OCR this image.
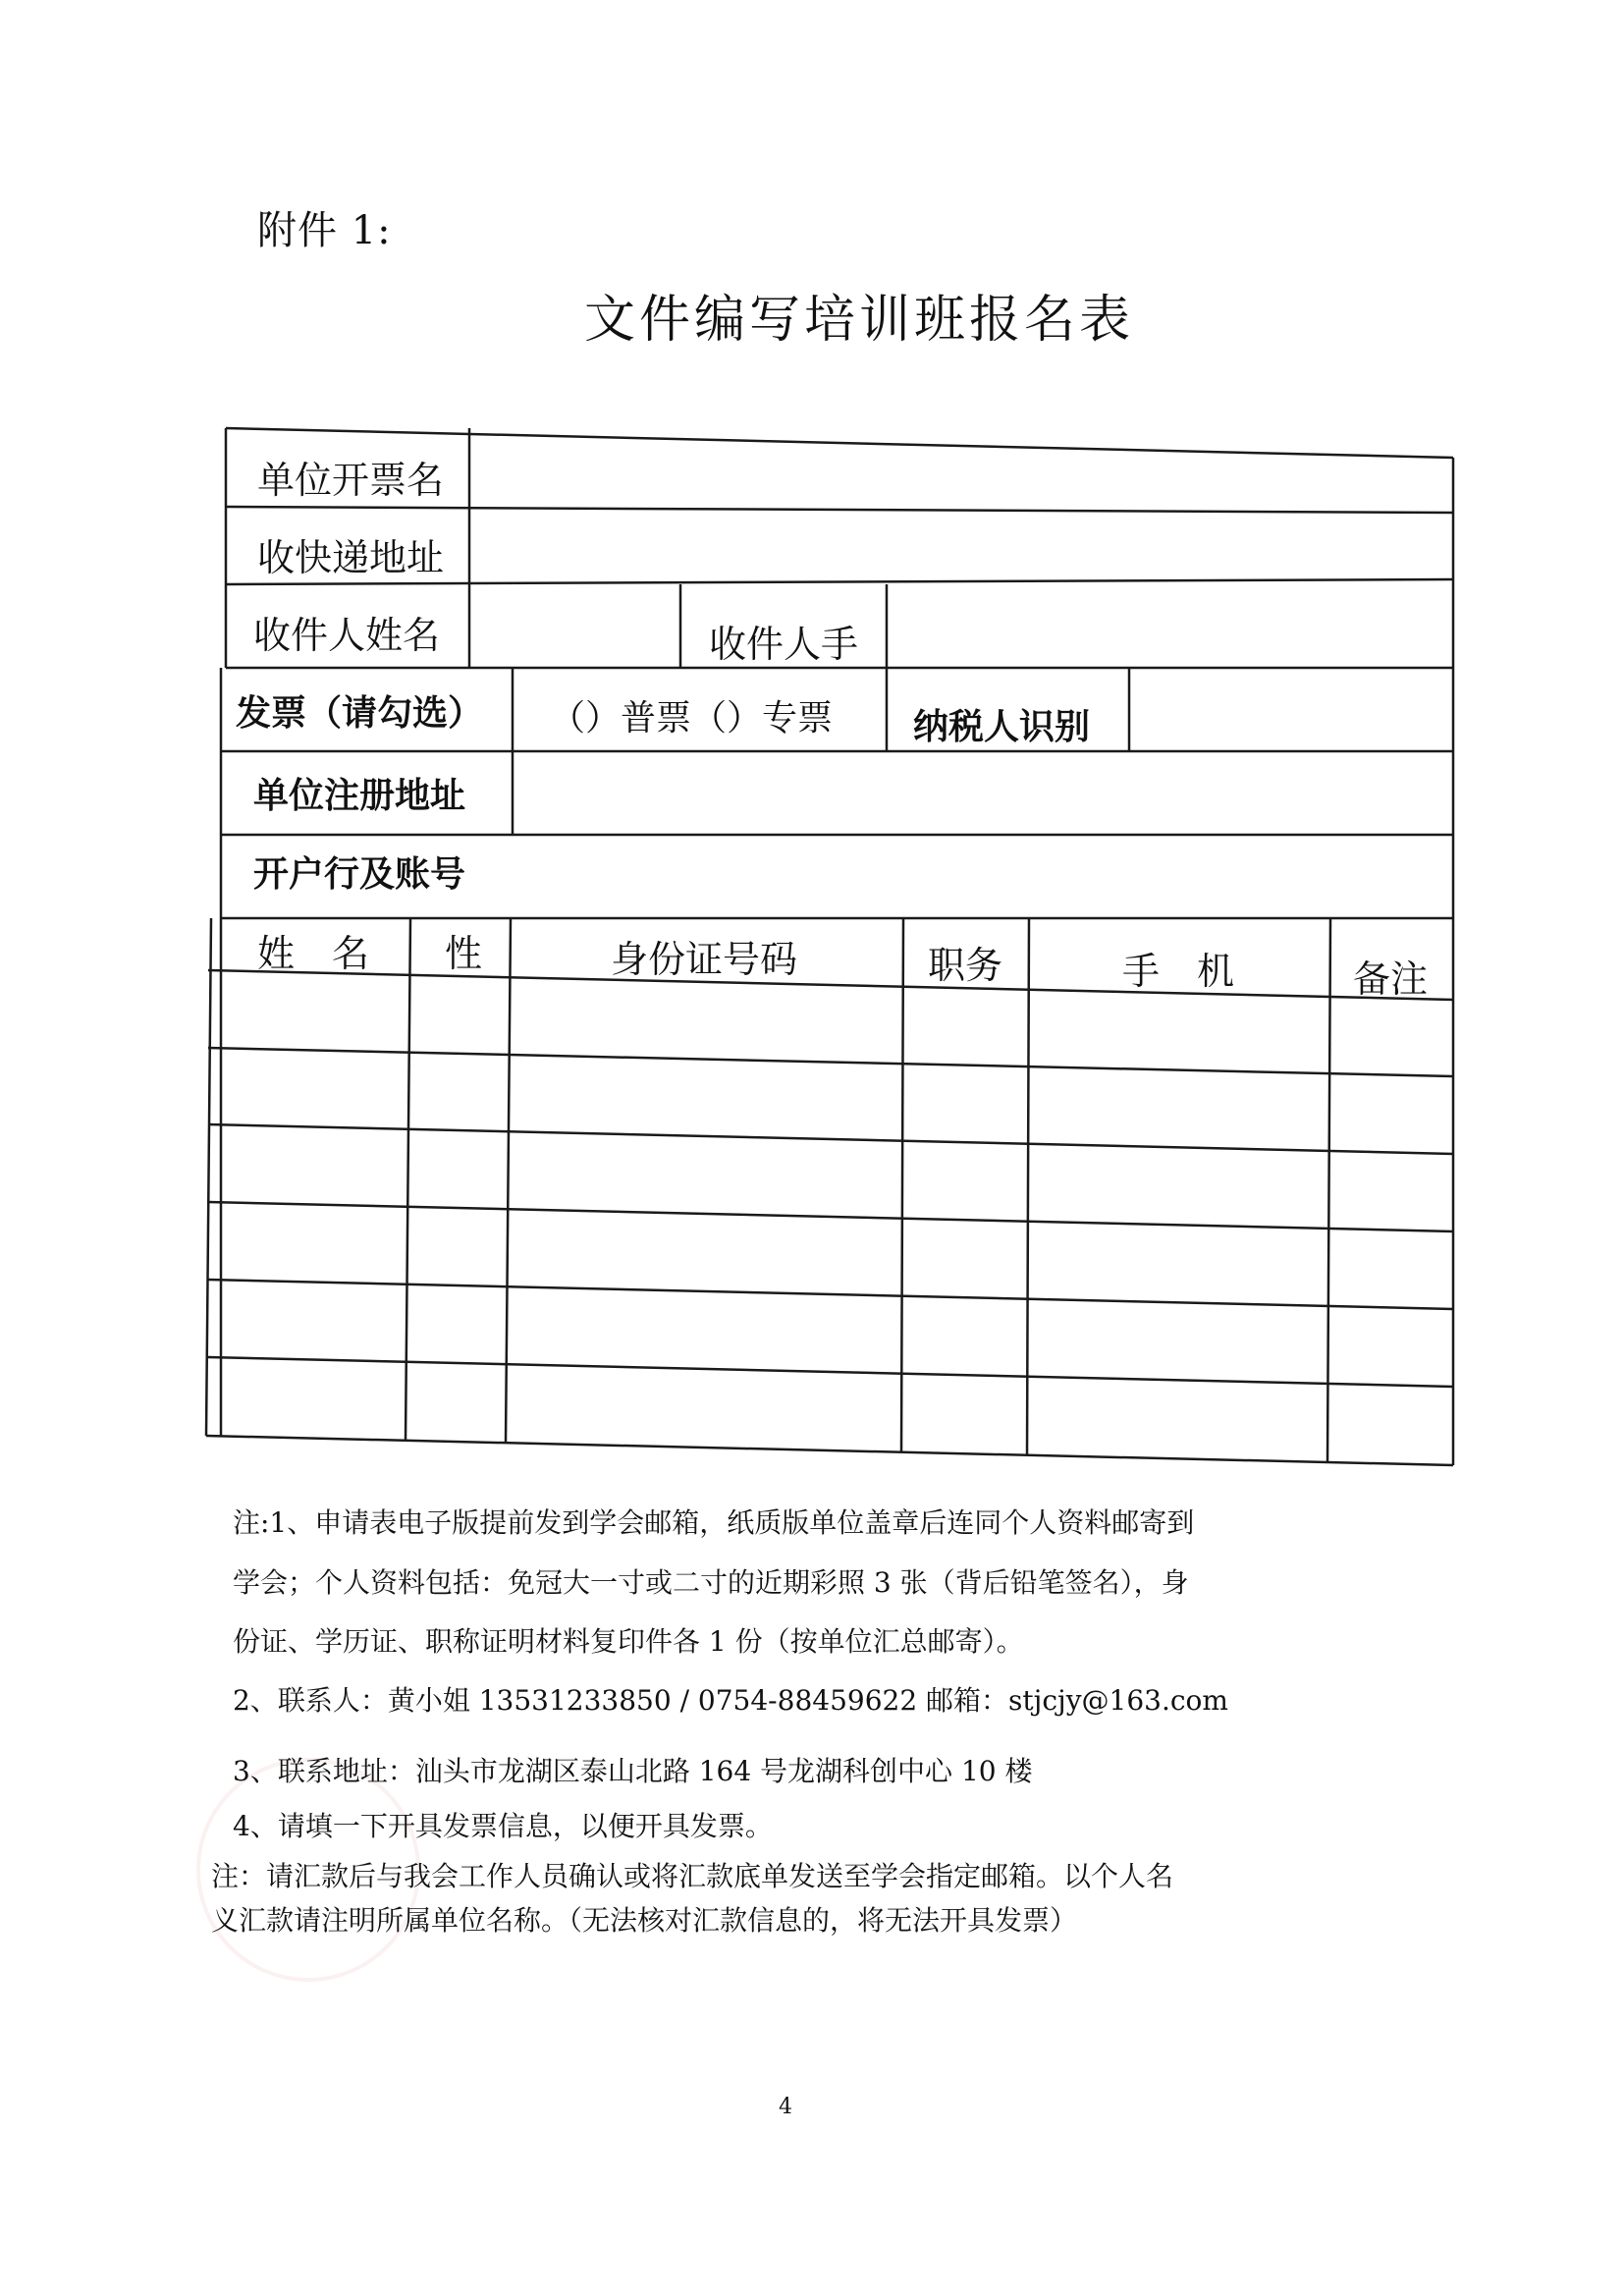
附件 1:
文件编写培训班报名表
单位开票名
收快递地址
收件人姓名	收件人手
发票（请勾选） （）普票（）专票 纳税人识别
单位注册地址
开户行及账号
姓　名 性	身份证号码	职务	手　机	备注
注:1、申请表电子版提前发到学会邮箱，纸质版单位盖章后连同个人资料邮寄到
学会；个人资料包括：免冠大一寸或二寸的近期彩照 3 张（背后铅笔签名），身
份证、学历证、职称证明材料复印件各 1 份（按单位汇总邮寄）。
2、联系人：黄小姐 13531233850 / 0754-88459622 邮箱：stjcjy@163.com
3、联系地址：汕头市龙湖区泰山北路 164 号龙湖科创中心 10 楼
4、请填一下开具发票信息，以便开具发票。
注：请汇款后与我会工作人员确认或将汇款底单发送至学会指定邮箱。以个人名
义汇款请注明所属单位名称。（无法核对汇款信息的，将无法开具发票）
4
